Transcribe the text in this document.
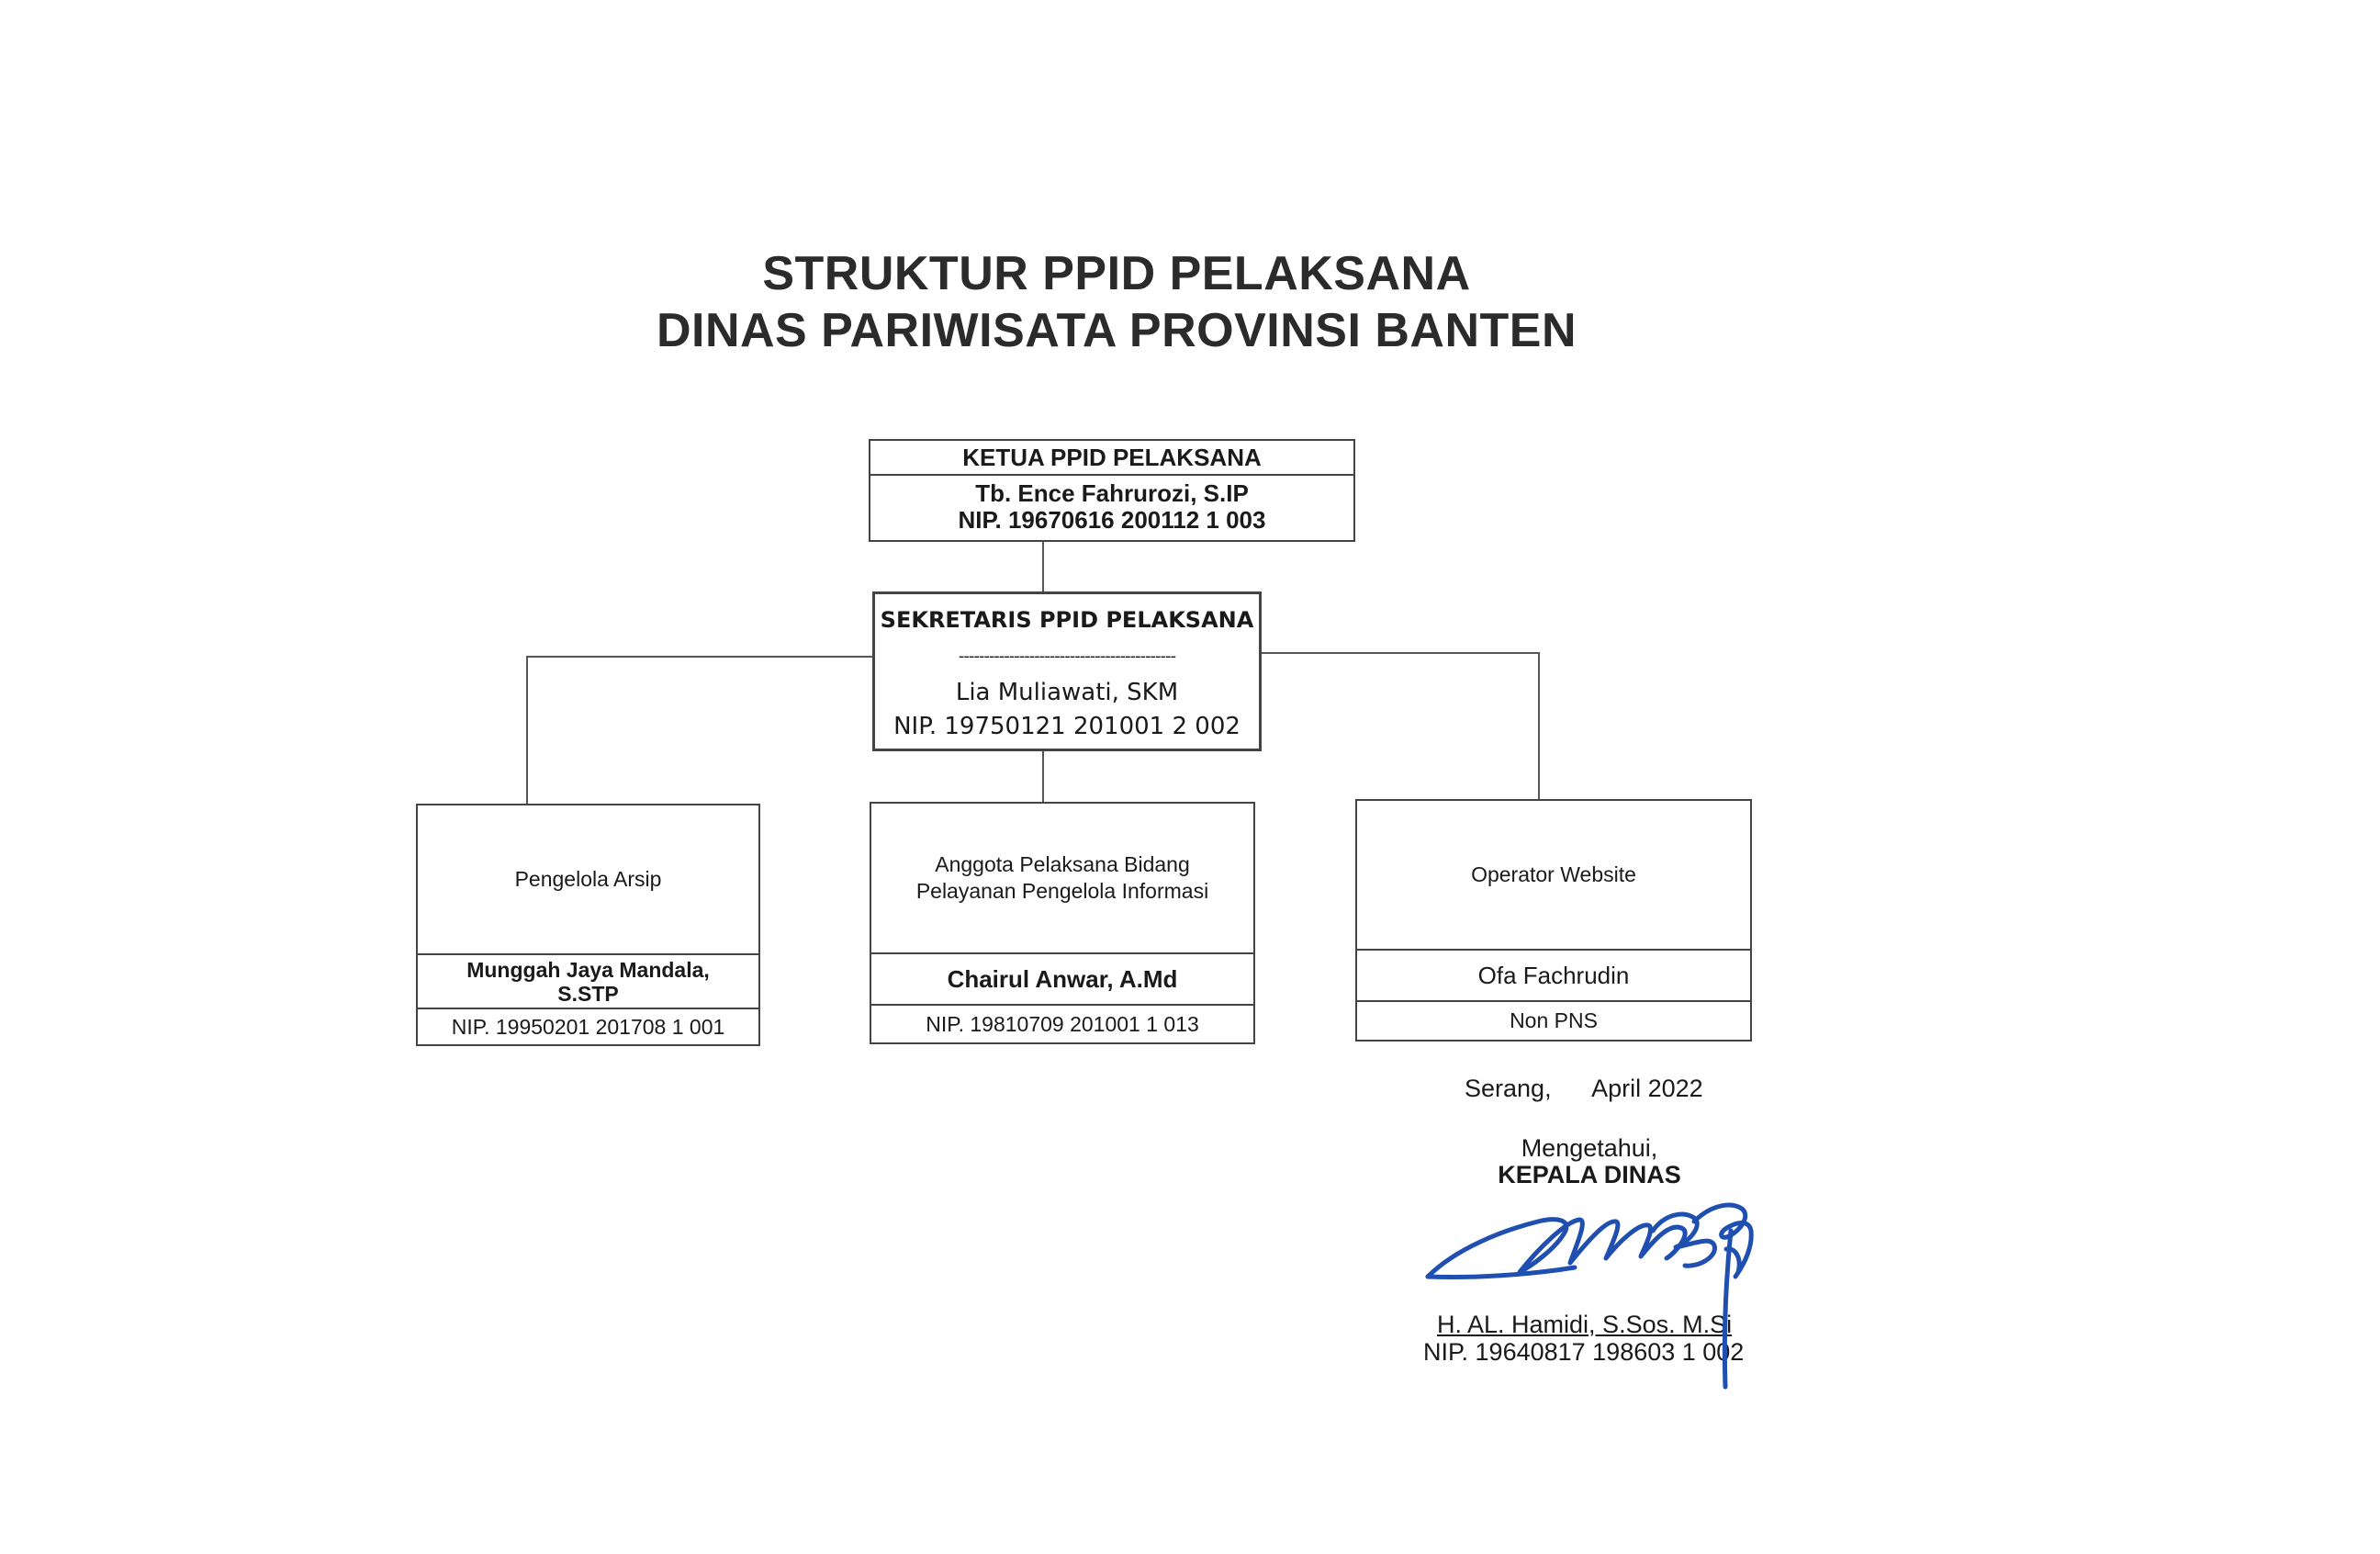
STRUKTUR PPID PELAKSANA
DINAS PARIWISATA PROVINSI BANTEN
KETUA PPID PELAKSANA
Tb. Ence Fahrurozi, S.IP
NIP. 19670616 200112 1 003
SEKRETARIS PPID PELAKSANA
-------------------------------------------
Lia Muliawati, SKM
NIP. 19750121 201001 2 002
Pengelola Arsip
Munggah Jaya Mandala, S.STP
NIP. 19950201 201708 1 001
Anggota Pelaksana Bidang Pelayanan Pengelola Informasi
Chairul Anwar, A.Md
NIP. 19810709 201001 1 013
Operator Website
Ofa Fachrudin
Non PNS
Serang,      April 2022
Mengetahui,
KEPALA DINAS
H. AL. Hamidi, S.Sos. M.Si
NIP. 19640817 198603 1 002
